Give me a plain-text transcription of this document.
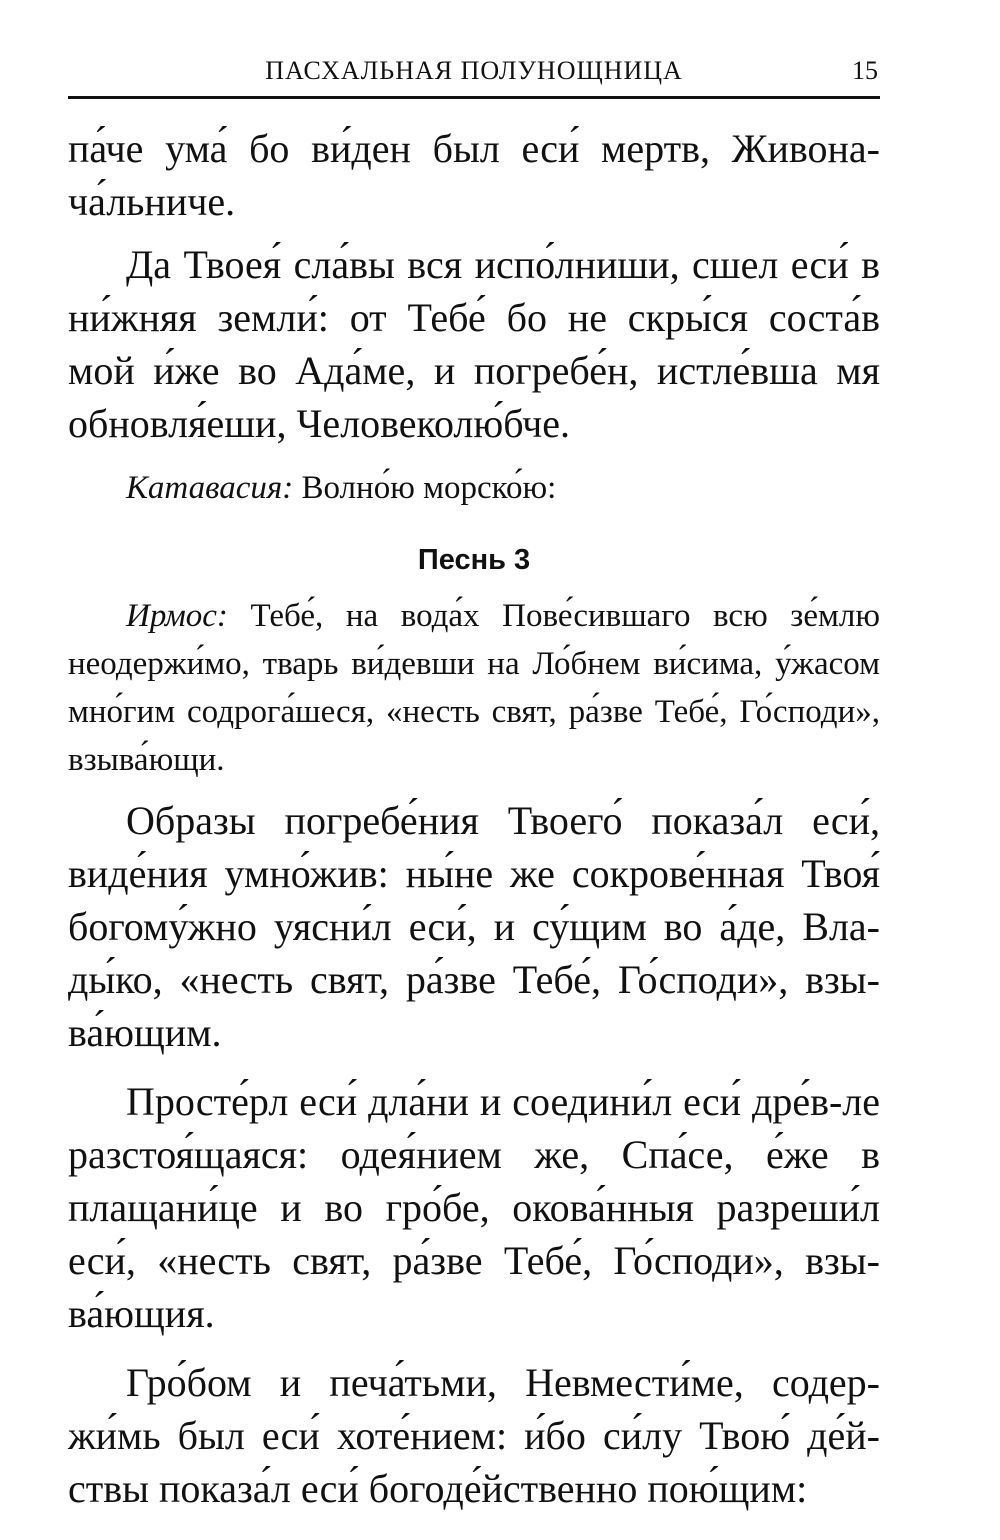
ПАСХАЛЬНАЯ ПОЛУНОЩНИЦА	15

па́че ума́ бо ви́ден был еси́ мертв, Живона-ча́льниче.

Да Твоея́ сла́вы вся испо́лниши, сшел еси́ в ни́жняя земли́: от Тебе́ бо не скры́ся соста́в мой и́же во Ада́ме, и погребе́н, истле́вша мя обновля́еши, Человеколю́бче.

Катавасия: Волно́ю морско́ю:

Песнь 3

Ирмос: Тебе́, на вода́х Пове́сившаго всю зе́млю неодержи́мо, тварь ви́девши на Ло́бнем ви́сима, у́жасом мно́гим содрога́шеся, «несть свят, ра́зве Тебе́, Го́споди», взыва́ющи.

Образы погребе́ния Твоего́ показа́л еси́, виде́ния умно́жив: ны́не же сокрове́нная Твоя́ богому́жно уясни́л еси́, и су́щим во а́де, Вла-ды́ко, «несть свят, ра́зве Тебе́, Го́споди», взы-ва́ющим.

Просте́рл еси́ дла́ни и соедини́л еси́ дре́в-ле разстоя́щаяся: одея́нием же, Спа́се, е́же в плащани́це и во гро́бе, окова́нныя разреши́л еси́, «несть свят, ра́зве Тебе́, Го́споди», взы-ва́ющия.

Гро́бом и печа́тьми, Невмести́ме, содер-жи́мь был еси́ хоте́нием: и́бо си́лу Твою́ де́й-ствы показа́л еси́ богоде́йственно пою́щим:
